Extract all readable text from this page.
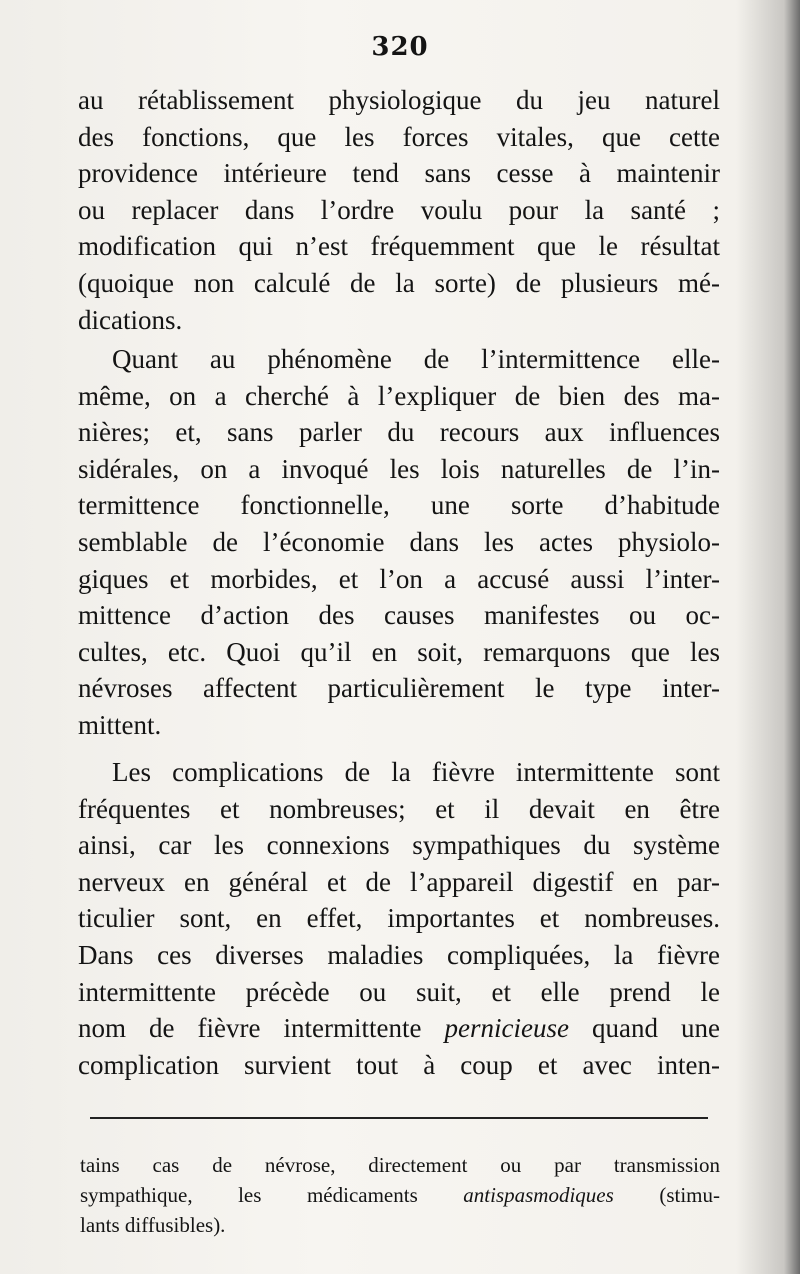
320
au rétablissement physiologique du jeu naturel
des fonctions, que les forces vitales, que cette
providence intérieure tend sans cesse à maintenir
ou replacer dans l’ordre voulu pour la santé ;
modification qui n’est fréquemment que le résultat
(quoique non calculé de la sorte) de plusieurs mé-
dications.
Quant au phénomène de l’intermittence elle-
même, on a cherché à l’expliquer de bien des ma-
nières; et, sans parler du recours aux influences
sidérales, on a invoqué les lois naturelles de l’in-
termittence fonctionnelle, une sorte d’habitude
semblable de l’économie dans les actes physiolo-
giques et morbides, et l’on a accusé aussi l’inter-
mittence d’action des causes manifestes ou oc-
cultes, etc. Quoi qu’il en soit, remarquons que les
névroses affectent particulièrement le type inter-
mittent.
Les complications de la fièvre intermittente sont
fréquentes et nombreuses; et il devait en être
ainsi, car les connexions sympathiques du système
nerveux en général et de l’appareil digestif en par-
ticulier sont, en effet, importantes et nombreuses.
Dans ces diverses maladies compliquées, la fièvre
intermittente précède ou suit, et elle prend le
nom de fièvre intermittente pernicieuse quand une
complication survient tout à coup et avec inten-
tains cas de névrose, directement ou par transmission
sympathique, les médicaments antispasmodiques (stimu-
lants diffusibles).
